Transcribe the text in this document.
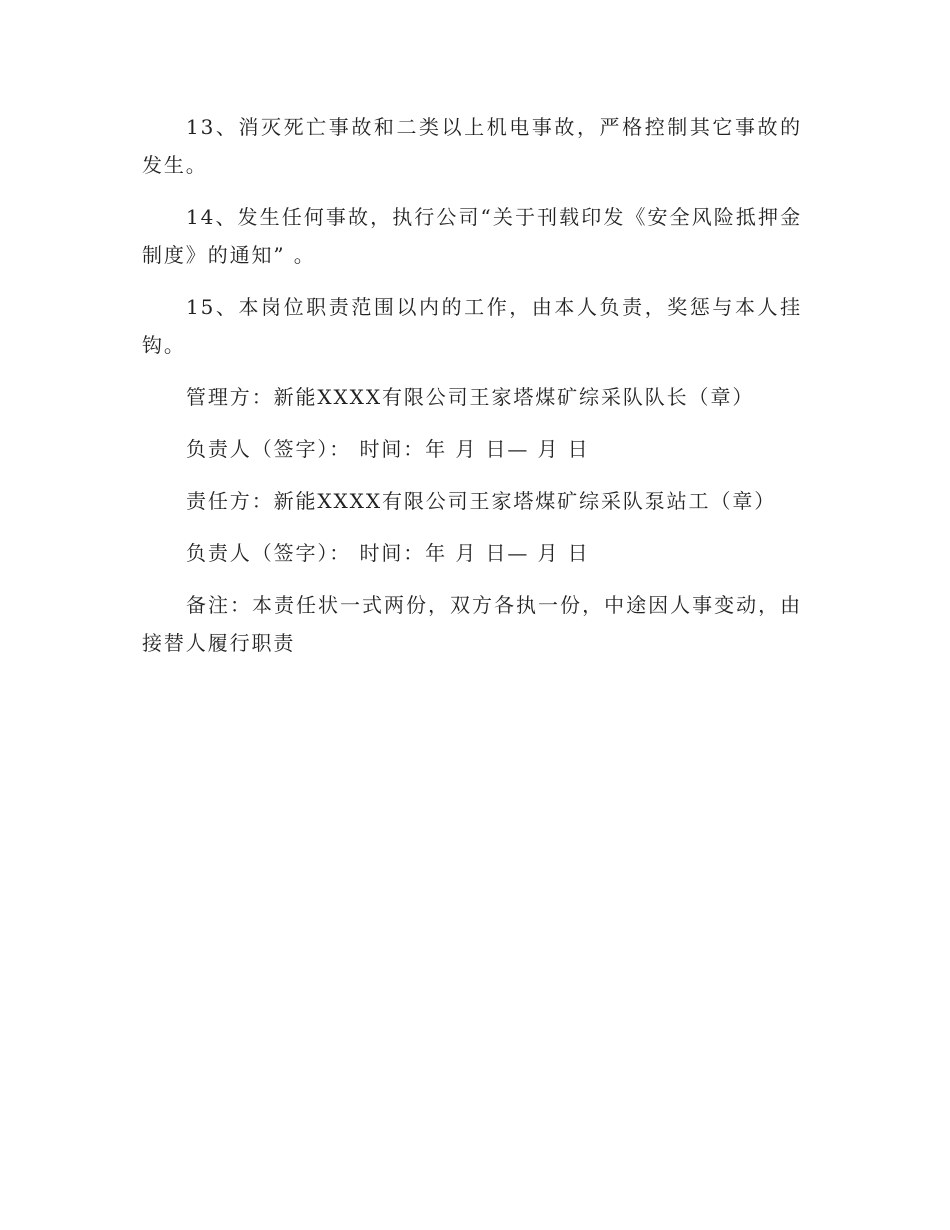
13、消灭死亡事故和二类以上机电事故，严格控制其它事故的发生。

14、发生任何事故，执行公司“关于刊载印发《安全风险抵押金制度》的通知” 。

15、本岗位职责范围以内的工作，由本人负责，奖惩与本人挂钩。

管理方：新能XXXX有限公司王家塔煤矿综采队队长（章）

负责人（签字）： 时间：年 月 日— 月 日

责任方：新能XXXX有限公司王家塔煤矿综采队泵站工（章）

负责人（签字）： 时间：年 月 日— 月 日

备注：本责任状一式两份，双方各执一份，中途因人事变动，由接替人履行职责
